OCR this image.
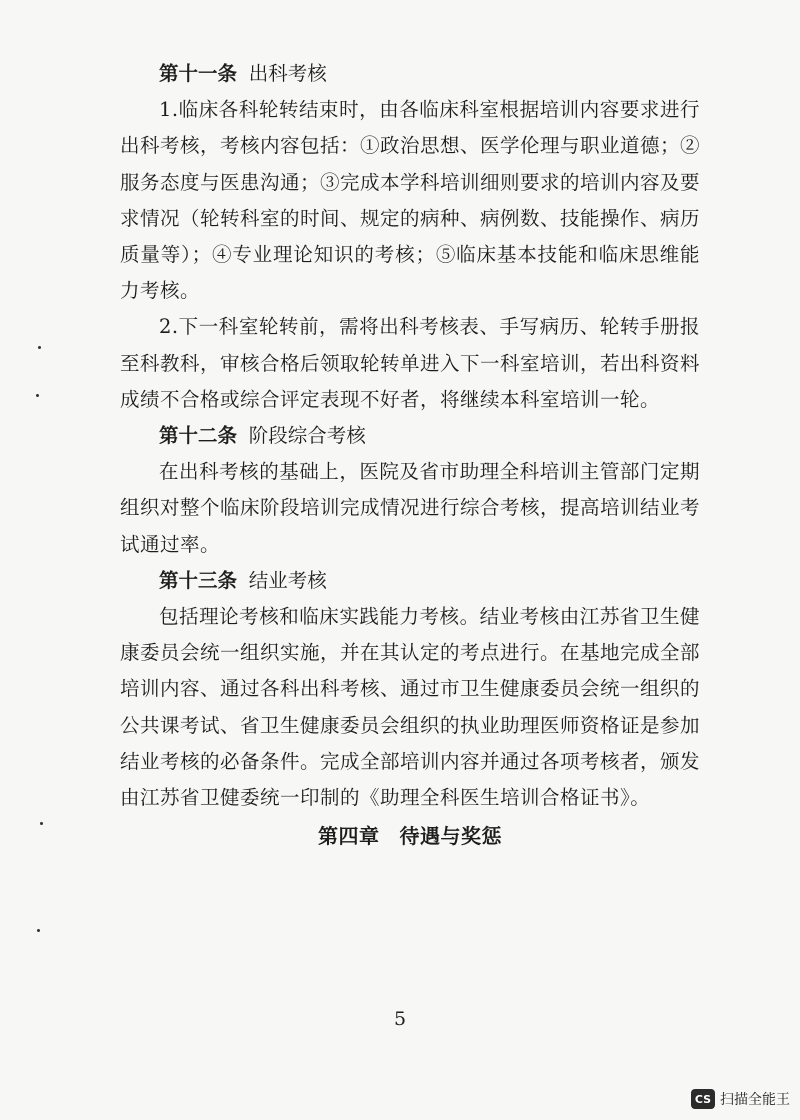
第十一条 出科考核

1.临床各科轮转结束时，由各临床科室根据培训内容要求进行出科考核，考核内容包括：①政治思想、医学伦理与职业道德；②服务态度与医患沟通；③完成本学科培训细则要求的培训内容及要求情况（轮转科室的时间、规定的病种、病例数、技能操作、病历质量等）；④专业理论知识的考核；⑤临床基本技能和临床思维能力考核。

2.下一科室轮转前，需将出科考核表、手写病历、轮转手册报至科教科，审核合格后领取轮转单进入下一科室培训，若出科资料成绩不合格或综合评定表现不好者，将继续本科室培训一轮。

第十二条 阶段综合考核

在出科考核的基础上，医院及省市助理全科培训主管部门定期组织对整个临床阶段培训完成情况进行综合考核，提高培训结业考试通过率。

第十三条 结业考核

包括理论考核和临床实践能力考核。结业考核由江苏省卫生健康委员会统一组织实施，并在其认定的考点进行。在基地完成全部培训内容、通过各科出科考核、通过市卫生健康委员会统一组织的公共课考试、省卫生健康委员会组织的执业助理医师资格证是参加结业考核的必备条件。完成全部培训内容并通过各项考核者，颁发由江苏省卫健委统一印制的《助理全科医生培训合格证书》。

第四章 待遇与奖惩

5
CS 扫描全能王
